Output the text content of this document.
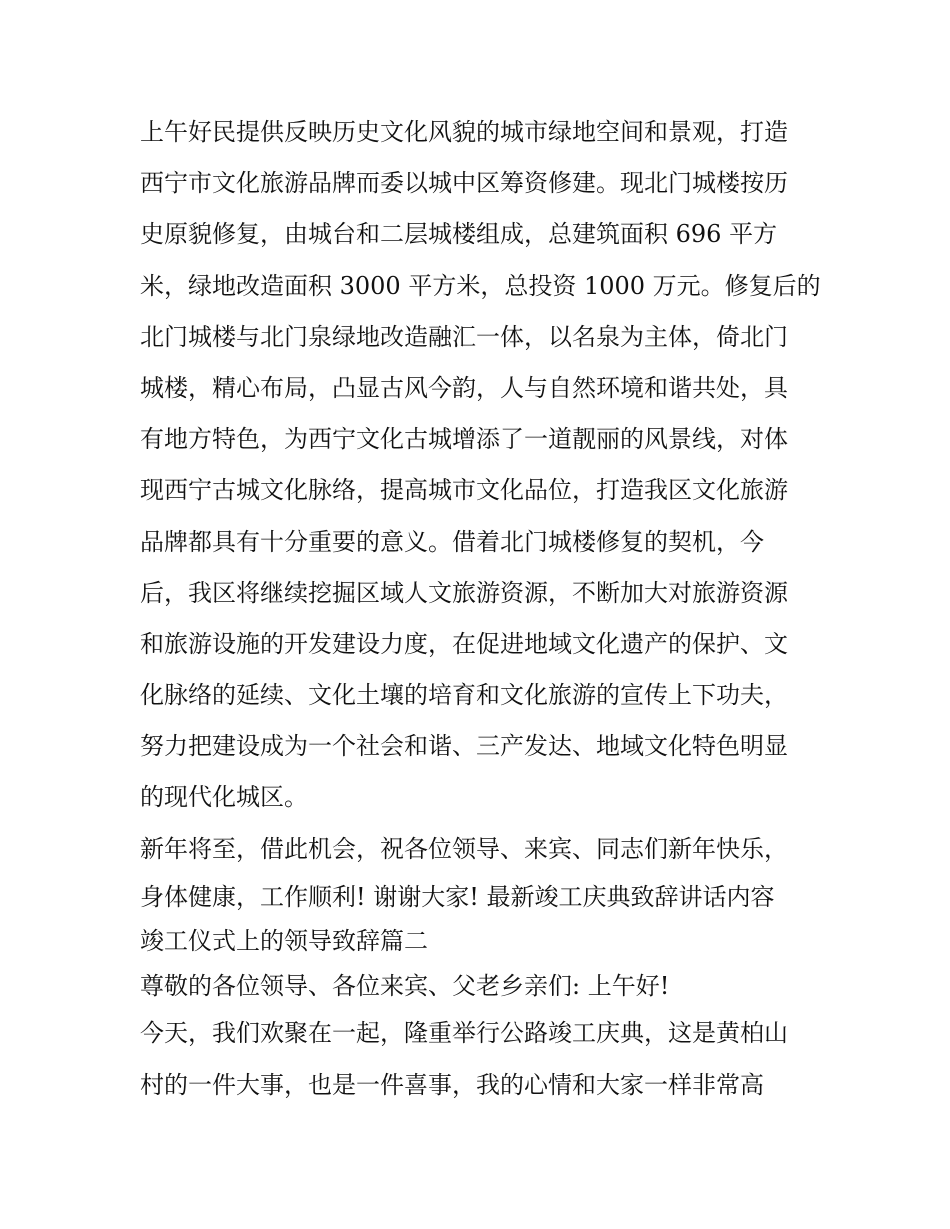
上午好民提供反映历史文化风貌的城市绿地空间和景观，打造
西宁市文化旅游品牌而委以城中区筹资修建。现北门城楼按历
史原貌修复，由城台和二层城楼组成，总建筑面积 696 平方
米，绿地改造面积 3000 平方米，总投资 1000 万元。修复后的
北门城楼与北门泉绿地改造融汇一体，以名泉为主体，倚北门
城楼，精心布局，凸显古风今韵，人与自然环境和谐共处，具
有地方特色，为西宁文化古城增添了一道靓丽的风景线，对体
现西宁古城文化脉络，提高城市文化品位，打造我区文化旅游
品牌都具有十分重要的意义。借着北门城楼修复的契机，今
后，我区将继续挖掘区域人文旅游资源，不断加大对旅游资源
和旅游设施的开发建设力度，在促进地域文化遗产的保护、文
化脉络的延续、文化土壤的培育和文化旅游的宣传上下功夫，
努力把建设成为一个社会和谐、三产发达、地域文化特色明显
的现代化城区。
新年将至，借此机会，祝各位领导、来宾、同志们新年快乐，
身体健康，工作顺利! 谢谢大家! 最新竣工庆典致辞讲话内容
竣工仪式上的领导致辞篇二
尊敬的各位领导、各位来宾、父老乡亲们: 上午好!
今天，我们欢聚在一起，隆重举行公路竣工庆典，这是黄柏山
村的一件大事，也是一件喜事，我的心情和大家一样非常高
